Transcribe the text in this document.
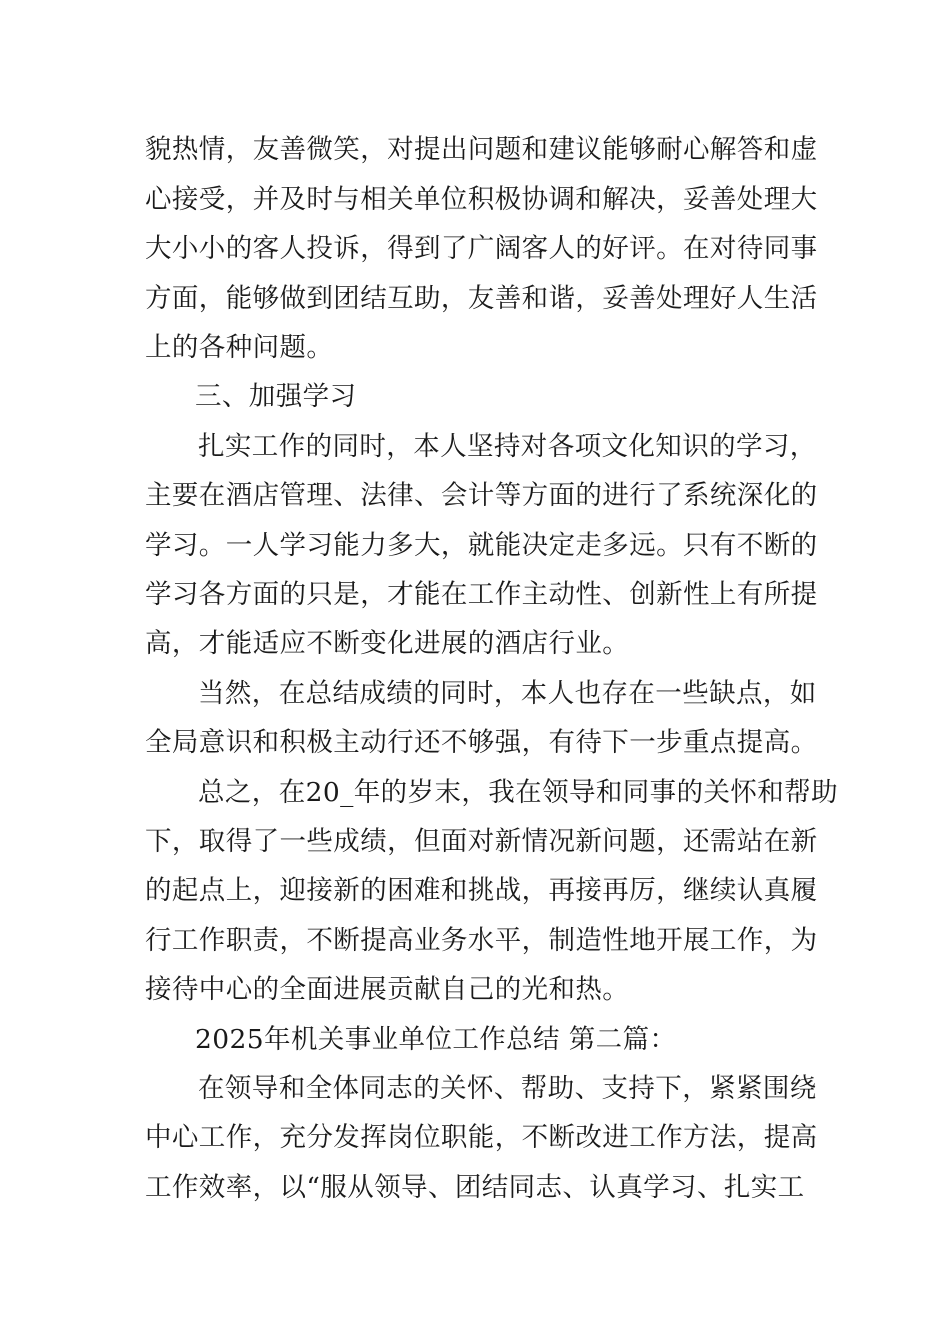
貌热情，友善微笑，对提出问题和建议能够耐心解答和虚
心接受，并及时与相关单位积极协调和解决，妥善处理大
大小小的客人投诉，得到了广阔客人的好评。在对待同事
方面，能够做到团结互助，友善和谐，妥善处理好人生活
上的各种问题。
三、加强学习
扎实工作的同时，本人坚持对各项文化知识的学习，
主要在酒店管理、法律、会计等方面的进行了系统深化的
学习。一人学习能力多大，就能决定走多远。只有不断的
学习各方面的只是，才能在工作主动性、创新性上有所提
高，才能适应不断变化进展的酒店行业。
当然，在总结成绩的同时，本人也存在一些缺点，如
全局意识和积极主动行还不够强，有待下一步重点提高。
总之，在20_年的岁末，我在领导和同事的关怀和帮助
下，取得了一些成绩，但面对新情况新问题，还需站在新
的起点上，迎接新的困难和挑战，再接再厉，继续认真履
行工作职责，不断提高业务水平，制造性地开展工作，为
接待中心的全面进展贡献自己的光和热。
2025年机关事业单位工作总结 第二篇：
在领导和全体同志的关怀、帮助、支持下，紧紧围绕
中心工作，充分发挥岗位职能，不断改进工作方法，提高
工作效率，以“服从领导、团结同志、认真学习、扎实工
